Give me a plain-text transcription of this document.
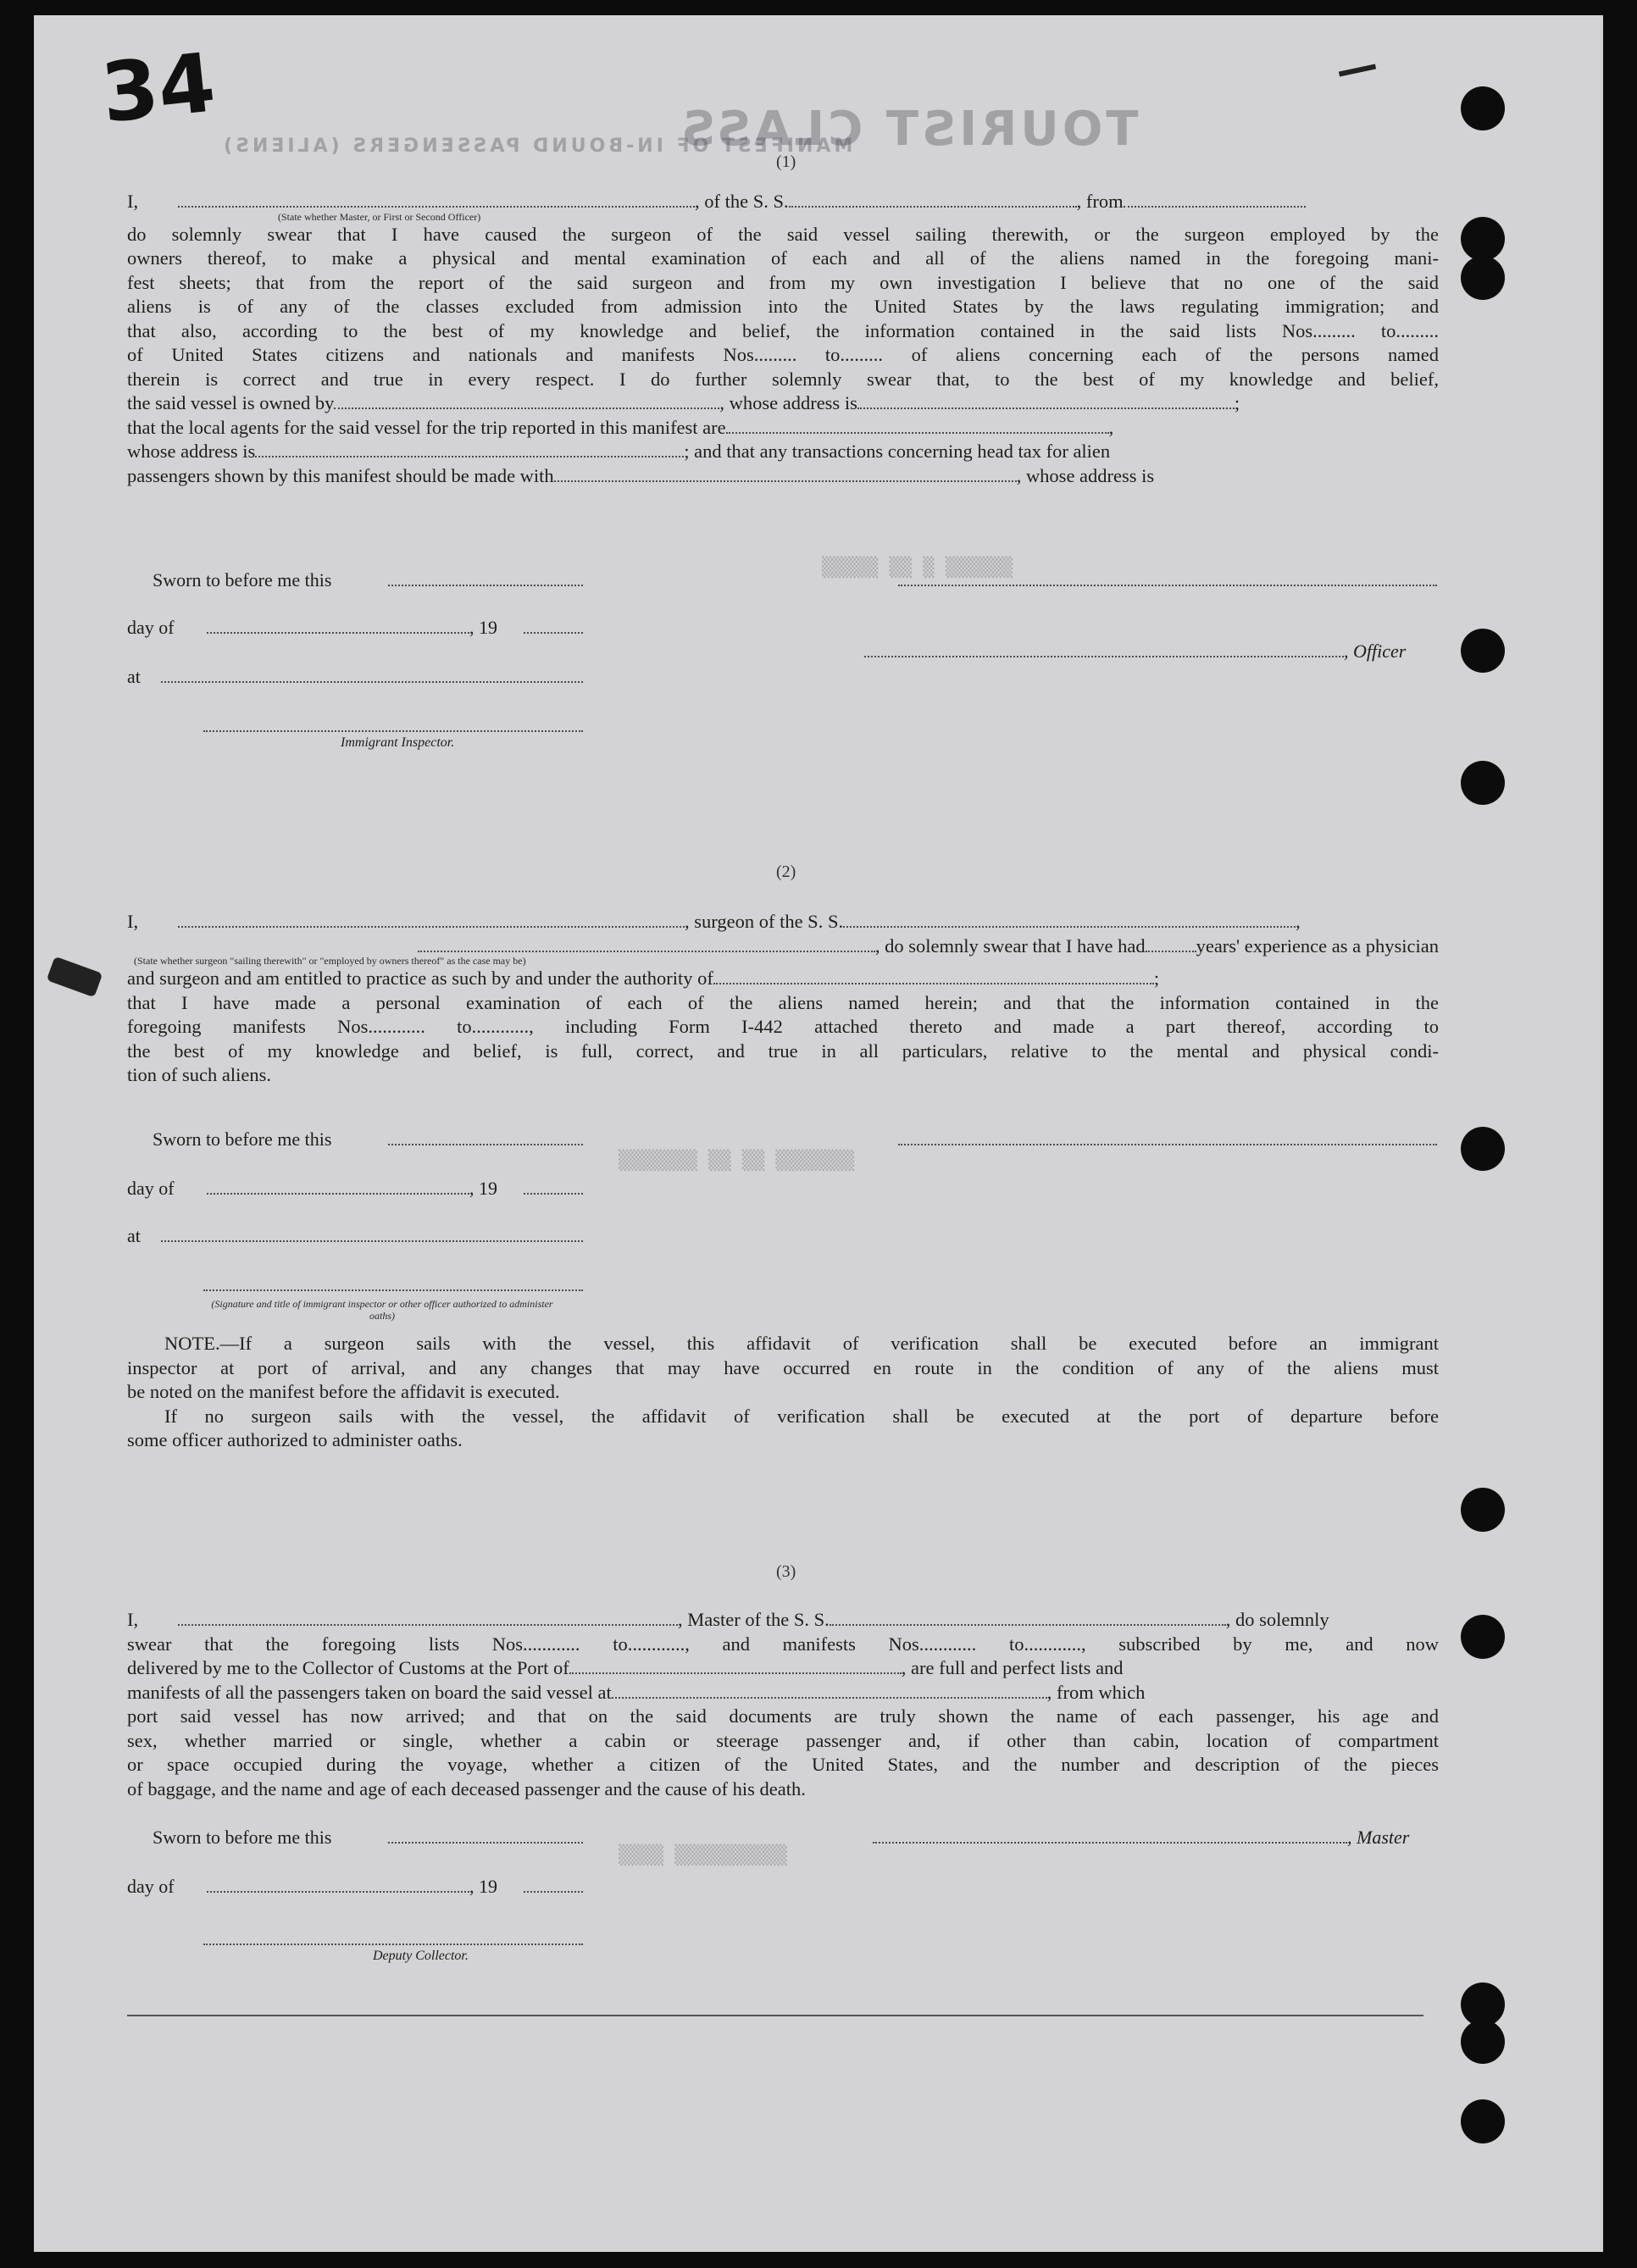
34	TOURIST CLASS
MANIFEST OF IN-BOUND PASSENGERS (ALIENS)
▒▒▒▒▒ ▒▒ ▒ ▒▒▒▒▒▒
▒▒▒▒▒▒▒ ▒▒ ▒▒ ▒▒▒▒▒▒▒
▒▒▒▒ ▒▒▒▒▒▒▒▒▒▒
(1)
I,	, of the S. S.	, from
(State whether Master, or First or Second Officer)
do solemnly swear that I have caused the surgeon of the said vessel sailing therewith, or the surgeon employed by the
owners thereof, to make a physical and mental examination of each and all of the aliens named in the foregoing mani-
fest sheets; that from the report of the said surgeon and from my own investigation I believe that no one of the said
aliens is of any of the classes excluded from admission into the United States by the laws regulating immigration; and
that also, according to the best of my knowledge and belief, the information contained in the said lists Nos......... to.........
of United States citizens and nationals and manifests Nos......... to......... of aliens concerning each of the persons named
therein is correct and true in every respect. I do further solemnly swear that, to the best of my knowledge and belief,
the said vessel is owned by	, whose address is	;
that the local agents for the said vessel for the trip reported in this manifest are	,
whose address is	; and that any transactions concerning head tax for alien
passengers shown by this manifest should be made with	, whose address is
Sworn to before me this
day of	, 19
, Officer
at
Immigrant Inspector.
(2)
I,	, surgeon of the S. S.	,
, do solemnly swear that I have had	years' experience as a physician
(State whether surgeon "sailing therewith" or "employed by owners thereof" as the case may be)
and surgeon and am entitled to practice as such by and under the authority of	;
that I have made a personal examination of each of the aliens named herein; and that the information contained in the
foregoing manifests Nos............ to............, including Form I-442 attached thereto and made a part thereof, according to
the best of my knowledge and belief, is full, correct, and true in all particulars, relative to the mental and physical condi-
tion of such aliens.
Sworn to before me this
day of	, 19
at
(Signature and title of immigrant inspector or other officer authorized to administer oaths)
NOTE.—If a surgeon sails with the vessel, this affidavit of verification shall be executed before an immigrant
inspector at port of arrival, and any changes that may have occurred en route in the condition of any of the aliens must
be noted on the manifest before the affidavit is executed.
If no surgeon sails with the vessel, the affidavit of verification shall be executed at the port of departure before
some officer authorized to administer oaths.
(3)
I,	, Master of the S. S.	, do solemnly
swear that the foregoing lists Nos............ to............, and manifests Nos............ to............, subscribed by me, and now
delivered by me to the Collector of Customs at the Port of	, are full and perfect lists and
manifests of all the passengers taken on board the said vessel at	, from which
port said vessel has now arrived; and that on the said documents are truly shown the name of each passenger, his age and
sex, whether married or single, whether a cabin or steerage passenger and, if other than cabin, location of compartment
or space occupied during the voyage, whether a citizen of the United States, and the number and description of the pieces
of baggage, and the name and age of each deceased passenger and the cause of his death.
Sworn to before me this	, Master
day of	, 19
Deputy Collector.
